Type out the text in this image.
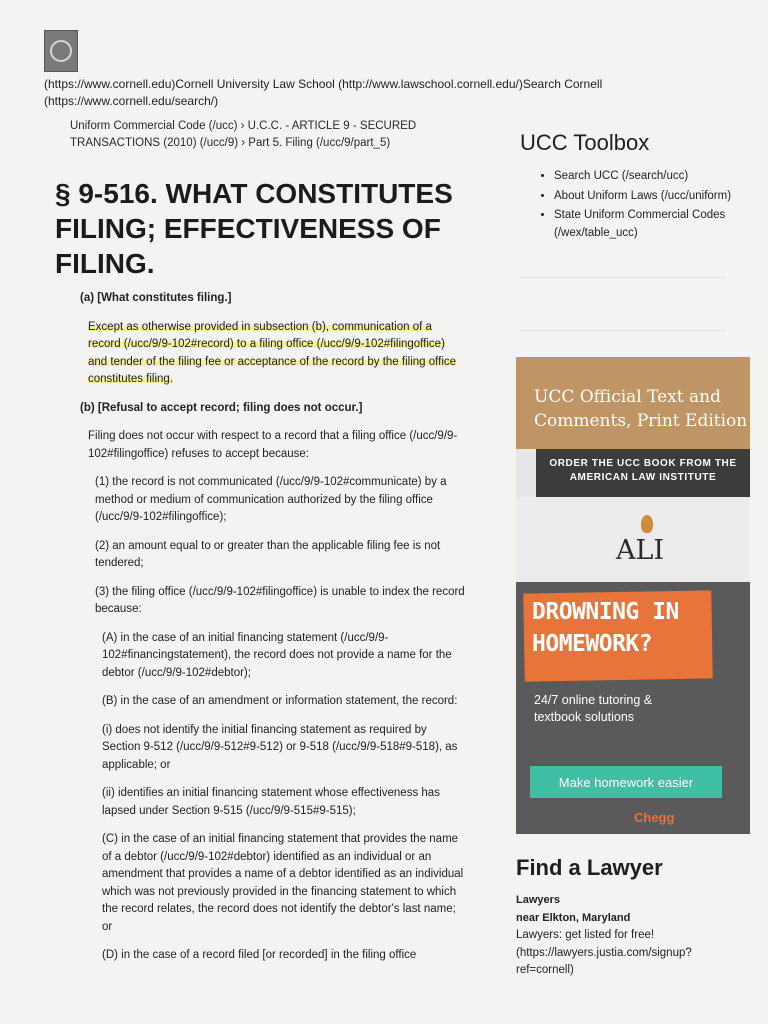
(https://www.cornell.edu)Cornell University Law School (http://www.lawschool.cornell.edu/)Search Cornell
(https://www.cornell.edu/search/)
Uniform Commercial Code (/ucc) › U.C.C. - ARTICLE 9 - SECURED
TRANSACTIONS (2010) (/ucc/9) › Part 5. Filing (/ucc/9/part_5)
§ 9-516. WHAT CONSTITUTES FILING; EFFECTIVENESS OF FILING.

(a) [What constitutes filing.]

Except as otherwise provided in subsection (b), communication of a record (/ucc/9/9-102#record) to a filing office (/ucc/9/9-102#filingoffice) and tender of the filing fee or acceptance of the record by the filing office constitutes filing.

(b) [Refusal to accept record; filing does not occur.]

Filing does not occur with respect to a record that a filing office (/ucc/9/9-102#filingoffice) refuses to accept because:

(1) the record is not communicated (/ucc/9/9-102#communicate) by a method or medium of communication authorized by the filing office (/ucc/9/9-102#filingoffice);

(2) an amount equal to or greater than the applicable filing fee is not tendered;

(3) the filing office (/ucc/9/9-102#filingoffice) is unable to index the record because:

(A) in the case of an initial financing statement (/ucc/9/9-102#financingstatement), the record does not provide a name for the debtor (/ucc/9/9-102#debtor);

(B) in the case of an amendment or information statement, the record:

(i) does not identify the initial financing statement as required by Section 9-512 (/ucc/9/9-512#9-512) or 9-518 (/ucc/9/9-518#9-518), as applicable; or

(ii) identifies an initial financing statement whose effectiveness has lapsed under Section 9-515 (/ucc/9/9-515#9-515);

(C) in the case of an initial financing statement that provides the name of a debtor (/ucc/9/9-102#debtor) identified as an individual or an amendment that provides a name of a debtor identified as an individual which was not previously provided in the financing statement to which the record relates, the record does not identify the debtor's last name; or

(D) in the case of a record filed [or recorded] in the filing office

UCC Toolbox
• Search UCC (/search/ucc)
• About Uniform Laws (/ucc/uniform)
• State Uniform Commercial Codes (/wex/table_ucc)
UCC Official Text and Comments, Print Edition
ORDER THE UCC BOOK FROM THE
AMERICAN LAW INSTITUTE
ALI
DROWNING IN
HOMEWORK?
24/7 online tutoring & textbook solutions
Make homework easier
Chegg
Find a Lawyer
Lawyers
near Elkton, Maryland
Lawyers: get listed for free! (https://lawyers.justia.com/signup?ref=cornell)
